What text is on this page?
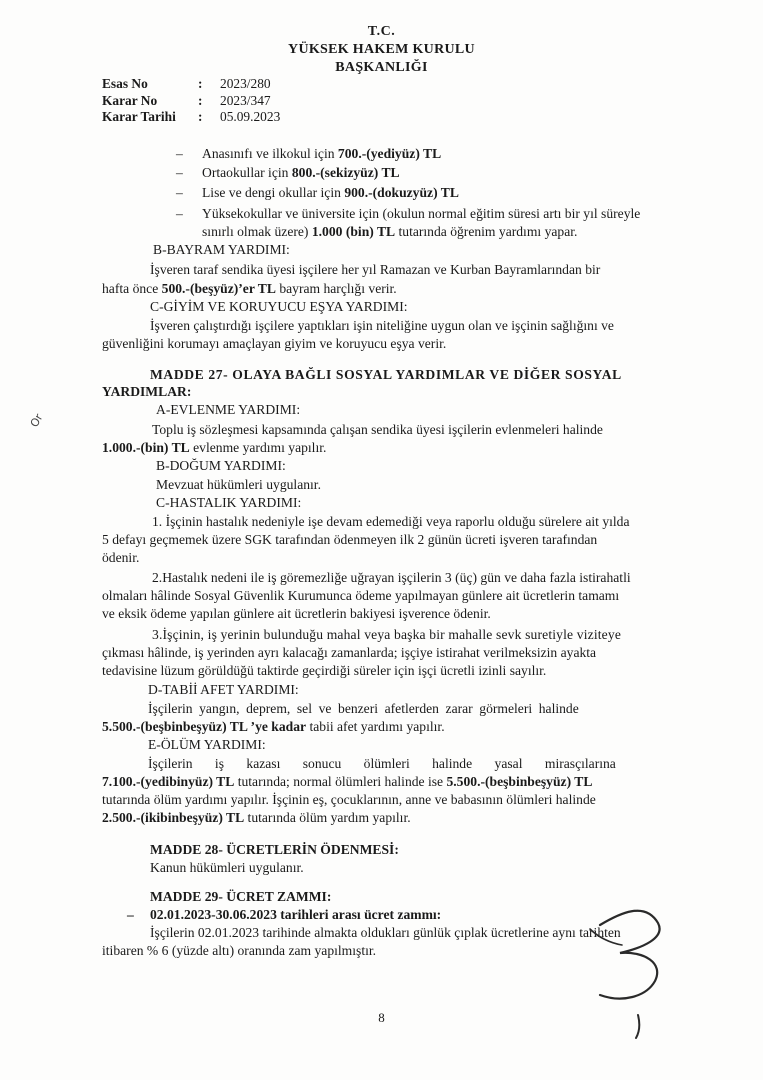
T.C.
YÜKSEK HAKEM KURULU
BAŞKANLIĞI
Esas No	:	2023/280
Karar No	:	2023/347
Karar Tarihi	:	05.09.2023
– Anasınıfı ve ilkokul için 700.-(yediyüz) TL
– Ortaokullar için 800.-(sekizyüz) TL
– Lise ve dengi okullar için 900.-(dokuzyüz) TL
– Yüksekokullar ve üniversite için (okulun normal eğitim süresi artı bir yıl süreyle
sınırlı olmak üzere) 1.000 (bin) TL tutarında öğrenim yardımı yapar.
B-BAYRAM YARDIMI:
İşveren taraf sendika üyesi işçilere her yıl Ramazan ve Kurban Bayramlarından bir
hafta önce 500.-(beşyüz)’er TL bayram harçlığı verir.
C-GİYİM VE KORUYUCU EŞYA YARDIMI:
İşveren çalıştırdığı işçilere yaptıkları işin niteliğine uygun olan ve işçinin sağlığını ve
güvenliğini korumayı amaçlayan giyim ve koruyucu eşya verir.
MADDE 27- OLAYA BAĞLI SOSYAL YARDIMLAR VE DİĞER SOSYAL
YARDIMLAR:
A-EVLENME YARDIMI:
Toplu iş sözleşmesi kapsamında çalışan sendika üyesi işçilerin evlenmeleri halinde
1.000.-(bin) TL evlenme yardımı yapılır.
B-DOĞUM YARDIMI:
Mevzuat hükümleri uygulanır.
C-HASTALIK YARDIMI:
1. İşçinin hastalık nedeniyle işe devam edemediği veya raporlu olduğu sürelere ait yılda
5 defayı geçmemek üzere SGK tarafından ödenmeyen ilk 2 günün ücreti işveren tarafından
ödenir.
2.Hastalık nedeni ile iş göremezliğe uğrayan işçilerin 3 (üç) gün ve daha fazla istirahatli
olmaları hâlinde Sosyal Güvenlik Kurumunca ödeme yapılmayan günlere ait ücretlerin tamamı
ve eksik ödeme yapılan günlere ait ücretlerin bakiyesi işverence ödenir.
3.İşçinin, iş yerinin bulunduğu mahal veya başka bir mahalle sevk suretiyle viziteye
çıkması hâlinde, iş yerinden ayrı kalacağı zamanlarda; işçiye istirahat verilmeksizin ayakta
tedavisine lüzum görüldüğü taktirde geçirdiği süreler için işçi ücretli izinli sayılır.
D-TABİİ AFET YARDIMI:
İşçilerin yangın, deprem, sel ve benzeri afetlerden zarar görmeleri halinde
5.500.-(beşbinbeşyüz) TL ’ye kadar tabii afet yardımı yapılır.
E-ÖLÜM YARDIMI:
İşçilerin iş kazası sonucu ölümleri halinde yasal mirasçılarına
7.100.-(yedibinyüz) TL tutarında; normal ölümleri halinde ise 5.500.-(beşbinbeşyüz) TL
tutarında ölüm yardımı yapılır. İşçinin eş, çocuklarının, anne ve babasının ölümleri halinde
2.500.-(ikibinbeşyüz) TL tutarında ölüm yardım yapılır.
MADDE 28- ÜCRETLERİN ÖDENMESİ:
Kanun hükümleri uygulanır.
MADDE 29- ÜCRET ZAMMI:
– 02.01.2023-30.06.2023 tarihleri arası ücret zammı:
İşçilerin 02.01.2023 tarihinde almakta oldukları günlük çıplak ücretlerine aynı tarihten
itibaren % 6 (yüzde altı) oranında zam yapılmıştır.
Or
8
